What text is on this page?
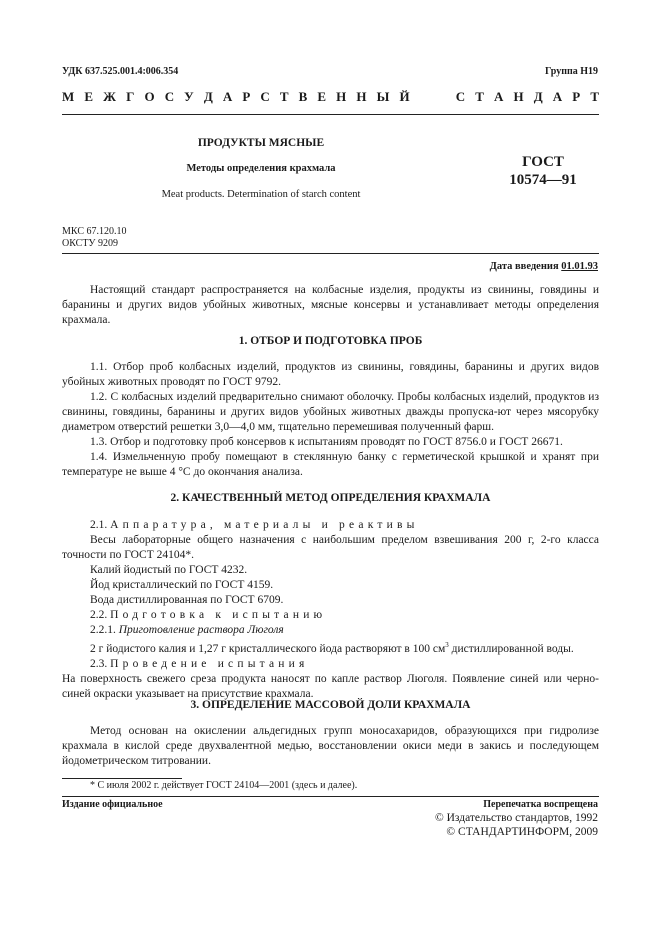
УДК 637.525.001.4:006.354	Группа Н19
М Е Ж Г О С У Д А Р С Т В Е Н Н Ы Й	С Т А Н Д А Р Т
ПРОДУКТЫ МЯСНЫЕ
Методы определения крахмала
Meat products. Determination of starch content
ГОСТ
10574—91
МКС 67.120.10
ОКСТУ 9209
Дата введения 01.01.93

Настоящий стандарт распространяется на колбасные изделия, продукты из свинины, говядины и баранины и других видов убойных животных, мясные консервы и устанавливает методы определения крахмала.

1. ОТБОР И ПОДГОТОВКА ПРОБ

1.1. Отбор проб колбасных изделий, продуктов из свинины, говядины, баранины и других видов убойных животных проводят по ГОСТ 9792.

1.2. С колбасных изделий предварительно снимают оболочку. Пробы колбасных изделий, продуктов из свинины, говядины, баранины и других видов убойных животных дважды пропуска-ют через мясорубку диаметром отверстий решетки 3,0—4,0 мм, тщательно перемешивая полученный фарш.

1.3. Отбор и подготовку проб консервов к испытаниям проводят по ГОСТ 8756.0 и ГОСТ 26671.

1.4. Измельченную пробу помещают в стеклянную банку с герметической крышкой и хранят при температуре не выше 4 °С до окончания анализа.

2. КАЧЕСТВЕННЫЙ МЕТОД ОПРЕДЕЛЕНИЯ КРАХМАЛА

2.1. Аппаратура, материалы и реактивы

Весы лабораторные общего назначения с наибольшим пределом взвешивания 200 г, 2-го класса точности по ГОСТ 24104*.

Калий йодистый по ГОСТ 4232.

Йод кристаллический по ГОСТ 4159.

Вода дистиллированная по ГОСТ 6709.

2.2. Подготовка к испытанию

2.2.1. Приготовление раствора Люголя

2 г йодистого калия и 1,27 г кристаллического йода растворяют в 100 $см^3$ дистиллированной воды.

2.3. Проведение испытания

На поверхность свежего среза продукта наносят по капле раствор Люголя. Появление синей или черно-синей окраски указывает на присутствие крахмала.

3. ОПРЕДЕЛЕНИЕ МАССОВОЙ ДОЛИ КРАХМАЛА

Метод основан на окислении альдегидных групп моносахаридов, образующихся при гидролизе крахмала в кислой среде двухвалентной медью, восстановлении окиси меди в закись и последующем йодометрическом титровании.

* С июля 2002 г. действует ГОСТ 24104—2001 (здесь и далее).
Издание официальное	Перепечатка воспрещена
© Издательство стандартов, 1992
© СТАНДАРТИНФОРМ, 2009
